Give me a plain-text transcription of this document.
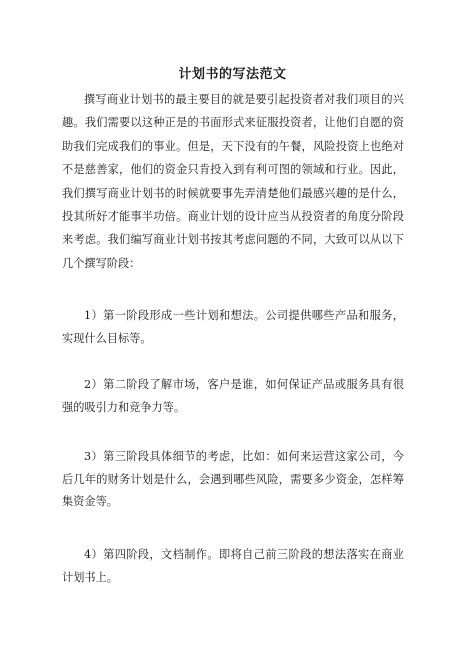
计划书的写法范文

撰写商业计划书的最主要目的就是要引起投资者对我们项目的兴趣。我们需要以这种正是的书面形式来征服投资者，让他们自愿的资助我们完成我们的事业。但是，天下没有的午餐，风险投资上也绝对不是慈善家，他们的资金只肯投入到有利可图的领域和行业。因此，我们撰写商业计划书的时候就要事先弄清楚他们最感兴趣的是什么，投其所好才能事半功倍。商业计划的设计应当从投资者的角度分阶段来考虑。我们编写商业计划书按其考虑问题的不同，大致可以从以下几个撰写阶段：

1）第一阶段形成一些计划和想法。公司提供哪些产品和服务，实现什么目标等。

2）第二阶段了解市场，客户是谁，如何保证产品或服务具有很强的吸引力和竞争力等。

3）第三阶段具体细节的考虑，比如：如何来运营这家公司，今后几年的财务计划是什么，会遇到哪些风险，需要多少资金，怎样筹集资金等。

4）第四阶段，文档制作。即将自己前三阶段的想法落实在商业计划书上。
